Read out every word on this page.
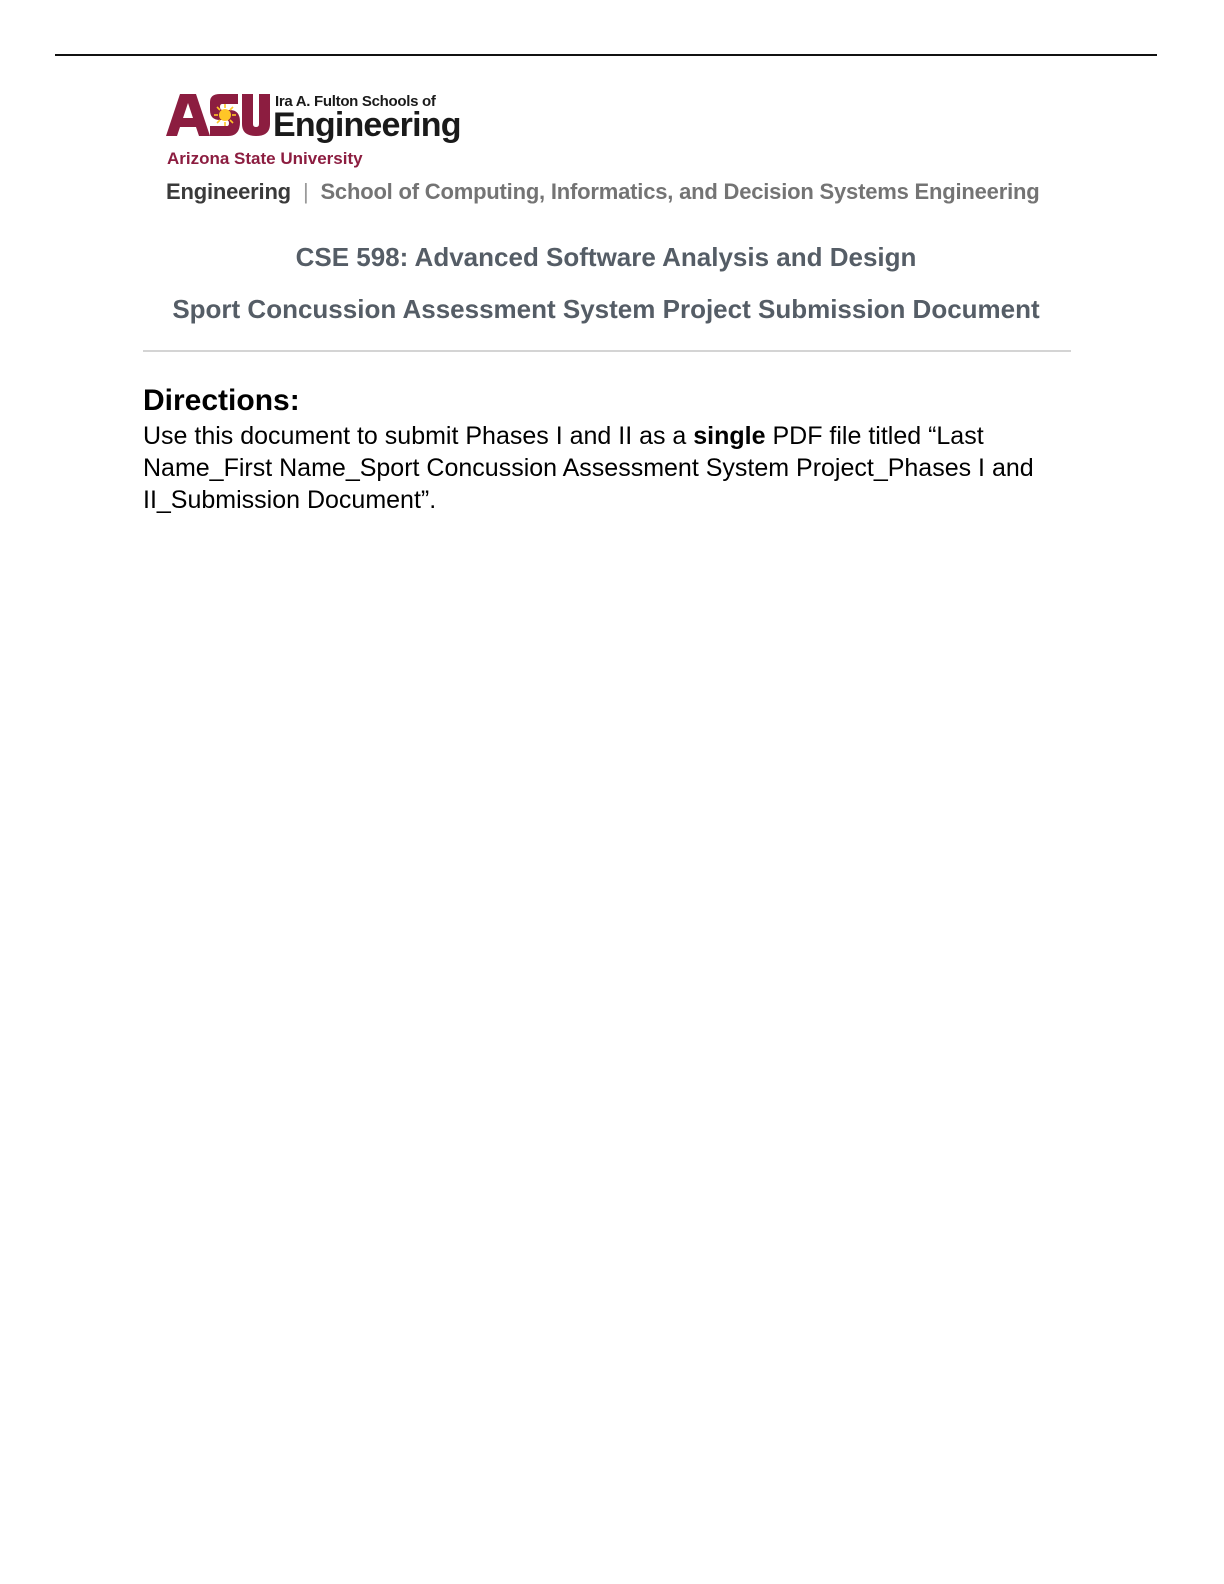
Ira A. Fulton Schools of
Engineering
Arizona State University
Engineering | School of Computing, Informatics, and Decision Systems Engineering
CSE 598: Advanced Software Analysis and Design
Sport Concussion Assessment System Project Submission Document
Directions:
Use this document to submit Phases I and II as a single PDF file titled “Last Name_First Name_Sport Concussion Assessment System Project_Phases I and II_Submission Document”.
